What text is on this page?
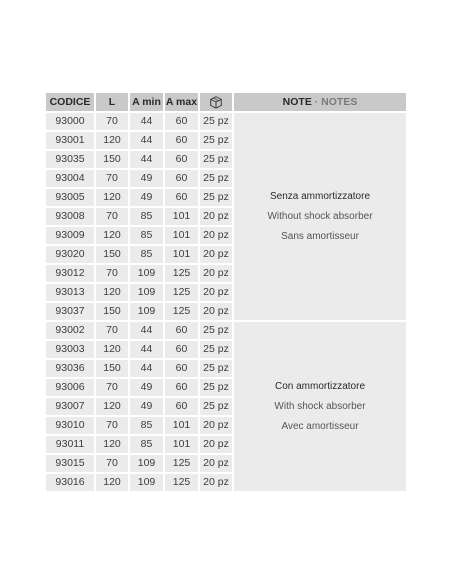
CODICE	L	A min	A max		NOTE · NOTES
93000	70	44	60	25 pz	Senza ammortizzatore
Without shock absorber
Sans amortisseur

93001	120	44	60	25 pz	
93035	150	44	60	25 pz	
93004	70	49	60	25 pz	
93005	120	49	60	25 pz	
93008	70	85	101	20 pz	
93009	120	85	101	20 pz	
93020	150	85	101	20 pz	
93012	70	109	125	20 pz	
93013	120	109	125	20 pz	
93037	150	109	125	20 pz	
93002	70	44	60	25 pz	Con ammortizzatore
With shock absorber
Avec amortisseur

93003	120	44	60	25 pz	
93036	150	44	60	25 pz	
93006	70	49	60	25 pz	
93007	120	49	60	25 pz	
93010	70	85	101	20 pz	
93011	120	85	101	20 pz	
93015	70	109	125	20 pz	
93016	120	109	125	20 pz	
